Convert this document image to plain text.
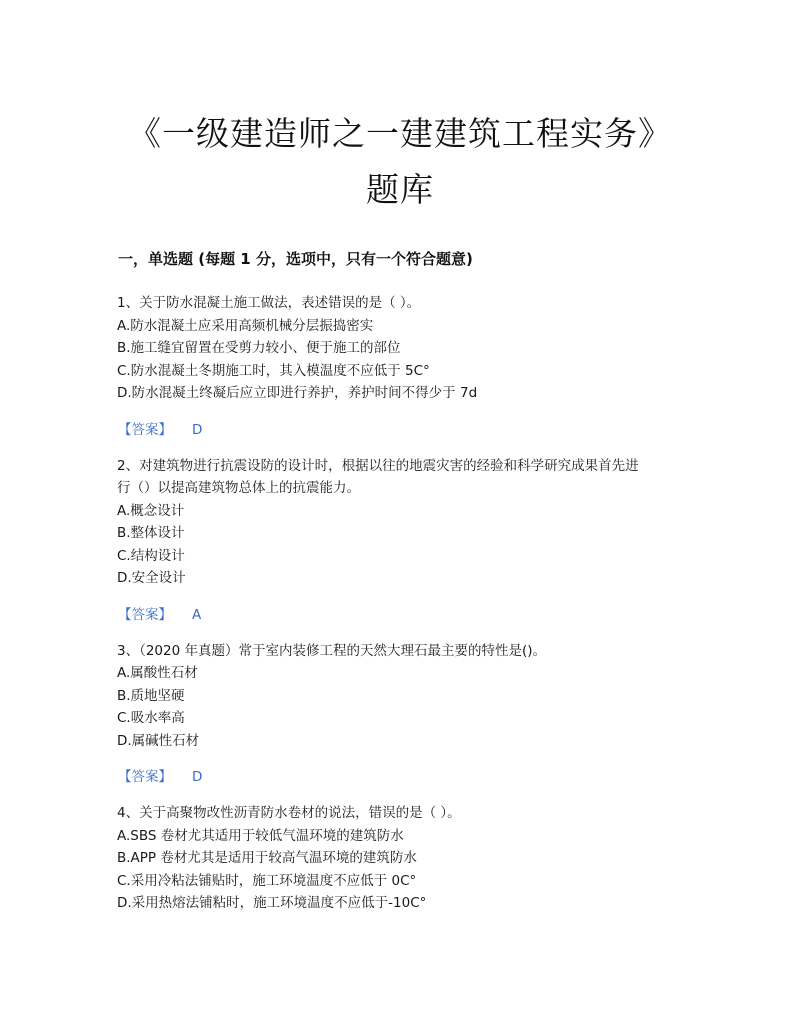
《一级建造师之一建建筑工程实务》
题库
一，单选题 (每题 1 分，选项中，只有一个符合题意)

1、关于防水混凝土施工做法，表述错误的是（ ）。

A.防水混凝土应采用高频机械分层振捣密实

B.施工缝宜留置在受剪力较小、便于施工的部位

C.防水混凝土冬期施工时，其入模温度不应低于 5C°

D.防水混凝土终凝后应立即进行养护，养护时间不得少于 7d

【答案】 D

2、对建筑物进行抗震设防的设计时，根据以往的地震灾害的经验和科学研究成果首先进

行（）以提高建筑物总体上的抗震能力。

A.概念设计

B.整体设计

C.结构设计

D.安全设计

【答案】 A

3、（2020 年真题）常于室内装修工程的天然大理石最主要的特性是()。

A.属酸性石材

B.质地坚硬

C.吸水率高

D.属碱性石材

【答案】 D

4、关于高聚物改性沥青防水卷材的说法，错误的是（ ）。

A.SBS 卷材尤其适用于较低气温环境的建筑防水

B.APP 卷材尤其是适用于较高气温环境的建筑防水

C.采用冷粘法铺贴时，施工环境温度不应低于 0C°

D.采用热熔法铺粘时，施工环境温度不应低于-10C°
